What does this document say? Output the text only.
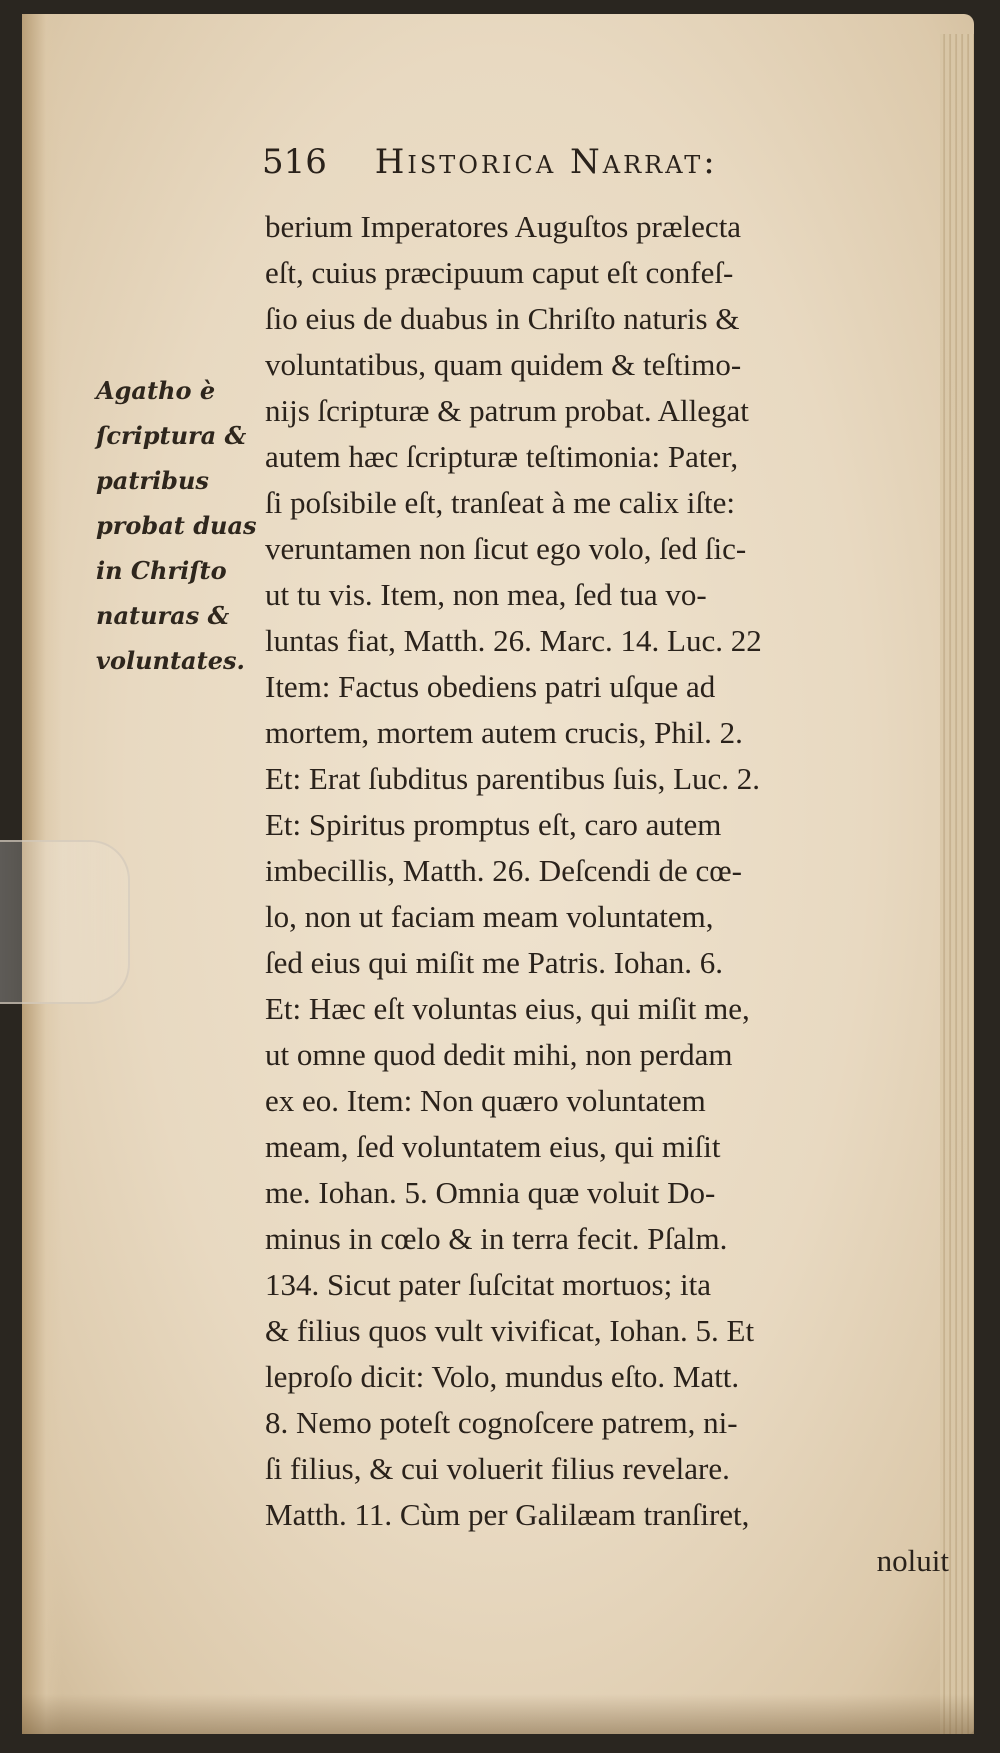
516 Historica Narrat:
Agatho è
ſcriptura &
patribus
probat duas
in Chriſto
naturas &
voluntates.
berium Imperatores Auguſtos prælecta
eſt, cuius præcipuum caput eſt confeſ-
ſio eius de duabus in Chriſto naturis &
voluntatibus, quam quidem & teſtimo-
nijs ſcripturæ & patrum probat. Allegat
autem hæc ſcripturæ teſtimonia: Pater,
ſi poſsibile eſt, tranſeat à me calix iſte:
veruntamen non ſicut ego volo, ſed ſic-
ut tu vis. Item, non mea, ſed tua vo-
luntas fiat, Matth. 26. Marc. 14. Luc. 22
Item: Factus obediens patri uſque ad
mortem, mortem autem crucis, Phil. 2.
Et: Erat ſubditus parentibus ſuis, Luc. 2.
Et: Spiritus promptus eſt, caro autem
imbecillis, Matth. 26. Deſcendi de cœ-
lo, non ut faciam meam voluntatem,
ſed eius qui miſit me Patris. Iohan. 6.
Et: Hæc eſt voluntas eius, qui miſit me,
ut omne quod dedit mihi, non perdam
ex eo. Item: Non quæro voluntatem
meam, ſed voluntatem eius, qui miſit
me. Iohan. 5. Omnia quæ voluit Do-
minus in cœlo & in terra fecit. Pſalm.
134. Sicut pater ſuſcitat mortuos; ita
& filius quos vult vivificat, Iohan. 5. Et
leproſo dicit: Volo, mundus eſto. Matt.
8. Nemo poteſt cognoſcere patrem, ni-
ſi filius, & cui voluerit filius revelare.
Matth. 11. Cùm per Galilæam tranſiret,
noluit
